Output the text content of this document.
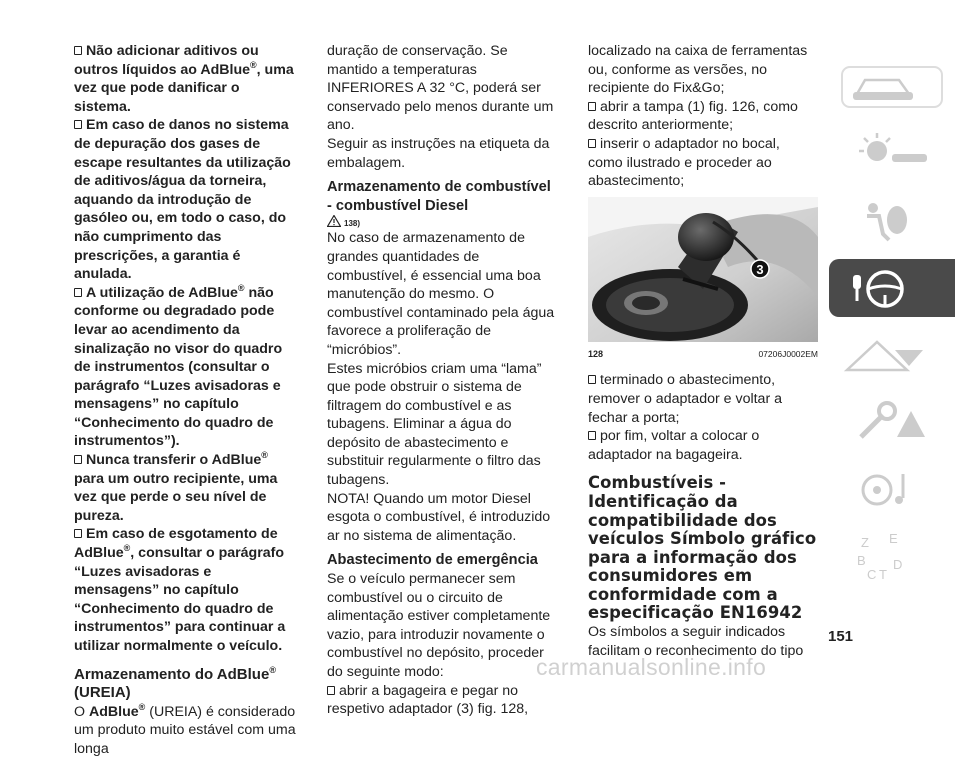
Não adicionar aditivos ou outros líquidos ao AdBlue®, uma vez que pode danificar o sistema.

Em caso de danos no sistema de depuração dos gases de escape resultantes da utilização de aditivos/água da torneira, aquando da introdução de gasóleo ou, em todo o caso, do não cumprimento das prescrições, a garantia é anulada.

A utilização de AdBlue® não conforme ou degradado pode levar ao acendimento da sinalização no visor do quadro de instrumentos (consultar o parágrafo “Luzes avisadoras e mensagens” no capítulo “Conhecimento do quadro de instrumentos”).

Nunca transferir o AdBlue® para um outro recipiente, uma vez que perde o seu nível de pureza.

Em caso de esgotamento de AdBlue®, consultar o parágrafo “Luzes avisadoras e mensagens” no capítulo “Conhecimento do quadro de instrumentos” para continuar a utilizar normalmente o veículo.

Armazenamento do AdBlue® (UREIA)

O AdBlue® (UREIA) é considerado um produto muito estável com uma longa

duração de conservação. Se mantido a temperaturas INFERIORES A 32 °C, poderá ser conservado pelo menos durante um ano.

Seguir as instruções na etiqueta da embalagem.

Armazenamento de combustível - combustível Diesel
138)

No caso de armazenamento de grandes quantidades de combustível, é essencial uma boa manutenção do mesmo. O combustível contaminado pela água favorece a proliferação de “micróbios”.

Estes micróbios criam uma “lama” que pode obstruir o sistema de filtragem do combustível e as tubagens. Eliminar a água do depósito de abastecimento e substituir regularmente o filtro das tubagens.

NOTA! Quando um motor Diesel esgota o combustível, é introduzido ar no sistema de alimentação.

Abastecimento de emergência

Se o veículo permanecer sem combustível ou o circuito de alimentação estiver completamente vazio, para introduzir novamente o combustível no depósito, proceder do seguinte modo:

abrir a bagageira e pegar no respetivo adaptador (3) fig. 128,

localizado na caixa de ferramentas ou, conforme as versões, no recipiente do Fix&Go;

abrir a tampa (1) fig. 126, como descrito anteriormente;

inserir o adaptador no bocal, como ilustrado e proceder ao abastecimento;

3
128	07206J0002EM

terminado o abastecimento, remover o adaptador e voltar a fechar a porta;

por fim, voltar a colocar o adaptador na bagageira.

Combustíveis - Identificação da compatibilidade dos veículos Símbolo gráfico para a informação dos consumidores em conformidade com a especificação EN16942

Os símbolos a seguir indicados facilitam o reconhecimento do tipo

Z E
B
C T
D
151
carmanualsonline.info
